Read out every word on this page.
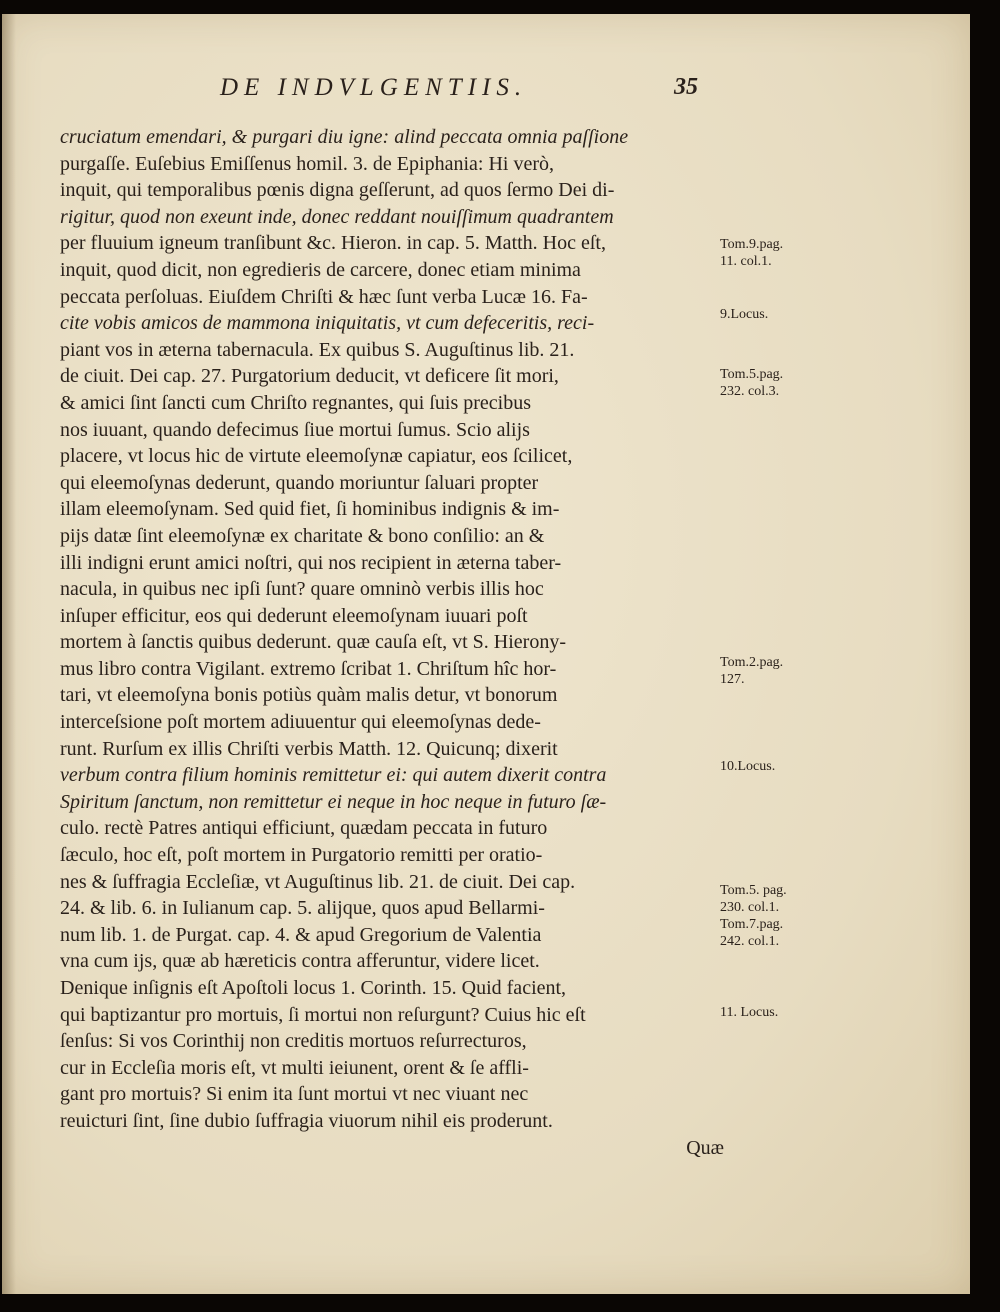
DE INDVLGENTIIS.	35
cruciatum emendari, & purgari diu igne: alind peccata omnia paſſione
purgaſſe. Euſebius Emiſſenus homil. 3. de Epiphania: Hi verò,
inquit, qui temporalibus pœnis digna geſſerunt, ad quos ſermo Dei di-
rigitur, quod non exeunt inde, donec reddant nouiſſimum quadrantem
per fluuium igneum tranſibunt &c. Hieron. in cap. 5. Matth. Hoc eſt,
inquit, quod dicit, non egredieris de carcere, donec etiam minima
peccata perſoluas. Eiuſdem Chriſti & hæc ſunt verba Lucæ 16. Fa-
cite vobis amicos de mammona iniquitatis, vt cum defeceritis, reci-
piant vos in æterna tabernacula. Ex quibus S. Auguſtinus lib. 21.
de ciuit. Dei cap. 27. Purgatorium deducit, vt deficere ſit mori,
& amici ſint ſancti cum Chriſto regnantes, qui ſuis precibus
nos iuuant, quando defecimus ſiue mortui ſumus. Scio alijs
placere, vt locus hic de virtute eleemoſynæ capiatur, eos ſcilicet,
qui eleemoſynas dederunt, quando moriuntur ſaluari propter
illam eleemoſynam. Sed quid fiet, ſi hominibus indignis & im-
pijs datæ ſint eleemoſynæ ex charitate & bono conſilio: an &
illi indigni erunt amici noſtri, qui nos recipient in æterna taber-
nacula, in quibus nec ipſi ſunt? quare omninò verbis illis hoc
inſuper efficitur, eos qui dederunt eleemoſynam iuuari poſt
mortem à ſanctis quibus dederunt. quæ cauſa eſt, vt S. Hierony-
mus libro contra Vigilant. extremo ſcribat 1. Chriſtum hîc hor-
tari, vt eleemoſyna bonis potiùs quàm malis detur, vt bonorum
interceſsione poſt mortem adiuuentur qui eleemoſynas dede-
runt. Rurſum ex illis Chriſti verbis Matth. 12. Quicunq; dixerit
verbum contra filium hominis remittetur ei: qui autem dixerit contra
Spiritum ſanctum, non remittetur ei neque in hoc neque in futuro ſæ-
culo. rectè Patres antiqui efficiunt, quædam peccata in futuro
ſæculo, hoc eſt, poſt mortem in Purgatorio remitti per oratio-
nes & ſuffragia Eccleſiæ, vt Auguſtinus lib. 21. de ciuit. Dei cap.
24. & lib. 6. in Iulianum cap. 5. alijque, quos apud Bellarmi-
num lib. 1. de Purgat. cap. 4. & apud Gregorium de Valentia
vna cum ijs, quæ ab hæreticis contra afferuntur, videre licet.
Denique inſignis eſt Apoſtoli locus 1. Corinth. 15. Quid facient,
qui baptizantur pro mortuis, ſi mortui non reſurgunt? Cuius hic eſt
ſenſus: Si vos Corinthij non creditis mortuos reſurrecturos,
cur in Eccleſia moris eſt, vt multi ieiunent, orent & ſe affli-
gant pro mortuis? Si enim ita ſunt mortui vt nec viuant nec
reuicturi ſint, ſine dubio ſuffragia viuorum nihil eis proderunt.
Quæ
Tom.9.pag.
11. col.1.
9.Locus.
Tom.5.pag.
232. col.3.
Tom.2.pag.
127.
10.Locus.
Tom.5. pag.
230. col.1.
Tom.7.pag.
242. col.1.
11. Locus.
